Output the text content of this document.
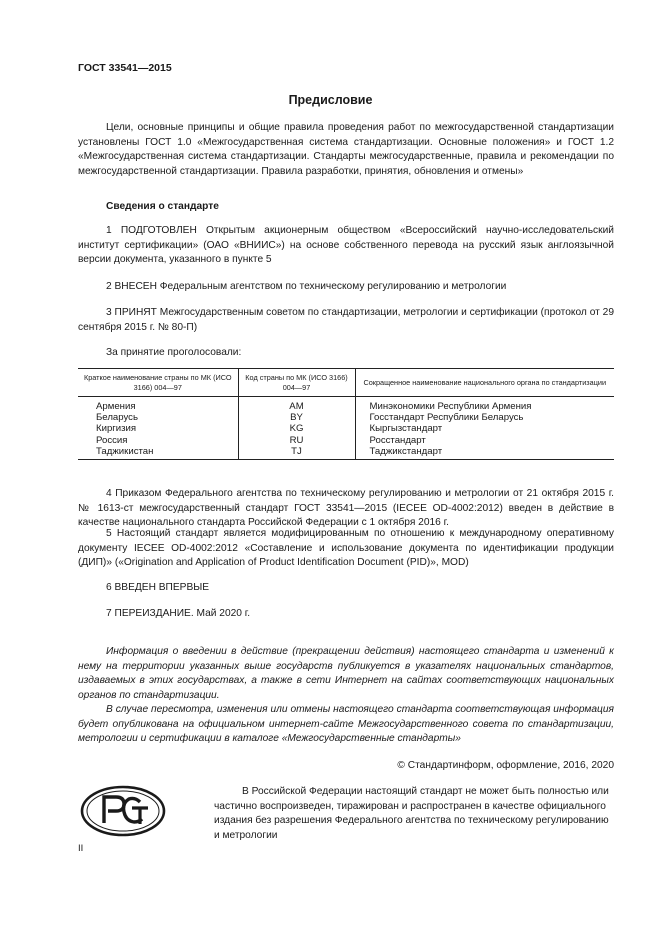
ГОСТ 33541—2015
Предисловие
Цели, основные принципы и общие правила проведения работ по межгосударственной стандартизации установлены ГОСТ 1.0 «Межгосударственная система стандартизации. Основные положения» и ГОСТ 1.2 «Межгосударственная система стандартизации. Стандарты межгосударственные, правила и рекомендации по межгосударственной стандартизации. Правила разработки, принятия, обновления и отмены»
Сведения о стандарте
1 ПОДГОТОВЛЕН Открытым акционерным обществом «Всероссийский научно-исследовательский институт сертификации» (ОАО «ВНИИС») на основе собственного перевода на русский язык англоязычной версии документа, указанного в пункте 5
2 ВНЕСЕН Федеральным агентством по техническому регулированию и метрологии
3 ПРИНЯТ Межгосударственным советом по стандартизации, метрологии и сертификации (протокол от 29 сентября 2015 г. № 80-П)
За принятие проголосовали:
Краткое наименование страны по МК (ИСО 3166) 004—97	Код страны по МК (ИСО 3166) 004—97	Сокращенное наименование национального органа по стандартизации
Армения	AM	Минэкономики Республики Армения
Беларусь	BY	Госстандарт Республики Беларусь
Киргизия	KG	Кыргызстандарт
Россия	RU	Росстандарт
Таджикистан	TJ	Таджикстандарт
4 Приказом Федерального агентства по техническому регулированию и метрологии от 21 октября 2015 г. № 1613-ст межгосударственный стандарт ГОСТ 33541—2015 (IECEE OD-4002:2012) введен в действие в качестве национального стандарта Российской Федерации с 1 октября 2016 г.
5 Настоящий стандарт является модифицированным по отношению к международному оперативному документу IECEE OD-4002:2012 «Составление и использование документа по идентификации продукции (ДИП)» («Origination and Application of Product Identification Document (PID)», MOD)
6 ВВЕДЕН ВПЕРВЫЕ
7 ПЕРЕИЗДАНИЕ. Май 2020 г.
Информация о введении в действие (прекращении действия) настоящего стандарта и изменений к нему на территории указанных выше государств публикуется в указателях национальных стандартов, издаваемых в этих государствах, а также в сети Интернет на сайтах соответствующих национальных органов по стандартизации.
В случае пересмотра, изменения или отмены настоящего стандарта соответствующая информация будет опубликована на официальном интернет-сайте Межгосударственного совета по стандартизации, метрологии и сертификации в каталоге «Межгосударственные стандарты»
© Стандартинформ, оформление, 2016, 2020
В Российской Федерации настоящий стандарт не может быть полностью или частично воспроизведен, тиражирован и распространен в качестве официального издания без разрешения Федерального агентства по техническому регулированию и метрологии
II
